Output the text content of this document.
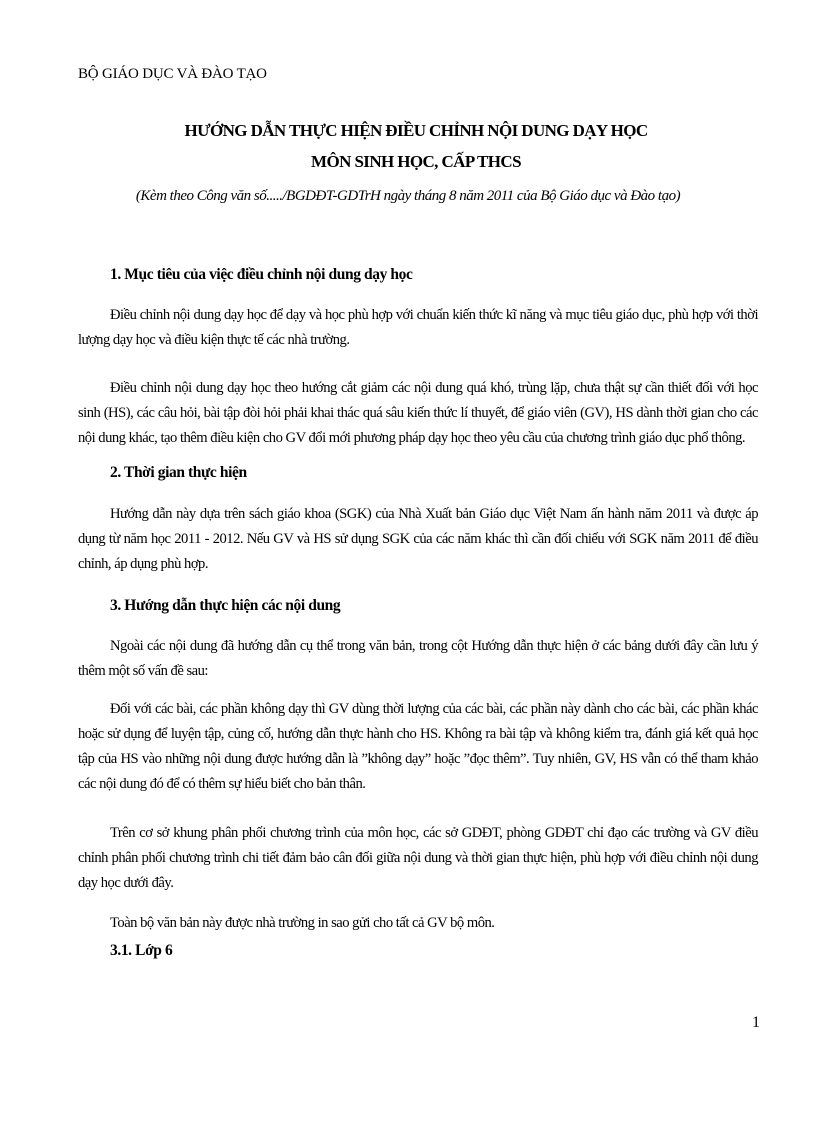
BỘ GIÁO DỤC VÀ ĐÀO TẠO
HƯỚNG DẪN THỰC HIỆN ĐIỀU CHỈNH NỘI DUNG DẠY HỌC
MÔN SINH HỌC, CẤP THCS
(Kèm theo Công văn số...../BGDĐT-GDTrH ngày tháng 8 năm 2011 của Bộ Giáo dục và Đào tạo)
1. Mục tiêu của việc điều chỉnh nội dung dạy học
Điều chỉnh nội dung dạy học để dạy và học phù hợp với chuẩn kiến thức kĩ năng và mục tiêu giáo dục, phù hợp với thời lượng dạy học và điều kiện thực tế các nhà trường.
Điều chỉnh nội dung dạy học theo hướng cắt giảm các nội dung quá khó, trùng lặp, chưa thật sự cần thiết đối với học sinh (HS), các câu hỏi, bài tập đòi hỏi phải khai thác quá sâu kiến thức lí thuyết, để giáo viên (GV), HS dành thời gian cho các nội dung khác, tạo thêm điều kiện cho GV đổi mới phương pháp dạy học theo yêu cầu của chương trình giáo dục phổ thông.
2. Thời gian thực hiện
Hướng dẫn này dựa trên sách giáo khoa (SGK) của Nhà Xuất bản Giáo dục Việt Nam ấn hành năm 2011 và được áp dụng từ năm học 2011 - 2012. Nếu GV và HS sử dụng SGK của các năm khác thì cần đối chiếu với SGK năm 2011 để điều chỉnh, áp dụng phù hợp.
3. Hướng dẫn thực hiện các nội dung
Ngoài các nội dung đã hướng dẫn cụ thể trong văn bản, trong cột Hướng dẫn thực hiện ở các bảng dưới đây cần lưu ý thêm một số vấn đề sau:
Đối với các bài, các phần không dạy thì GV dùng thời lượng của các bài, các phần này dành cho các bài, các phần khác hoặc sử dụng để luyện tập, củng cố, hướng dẫn thực hành cho HS. Không ra bài tập và không kiểm tra, đánh giá kết quả học tập của HS vào những nội dung được hướng dẫn là ”không dạy” hoặc ”đọc thêm”. Tuy nhiên, GV, HS vẫn có thể tham khảo các nội dung đó để có thêm sự hiểu biết cho bản thân.
Trên cơ sở khung phân phối chương trình của môn học, các sở GDĐT, phòng GDĐT chỉ đạo các trường và GV điều chỉnh phân phối chương trình chi tiết đảm bảo cân đối giữa nội dung và thời gian thực hiện, phù hợp với điều chỉnh nội dung dạy học dưới đây.
Toàn bộ văn bản này được nhà trường in sao gửi cho tất cả GV bộ môn.
3.1. Lớp 6
1
